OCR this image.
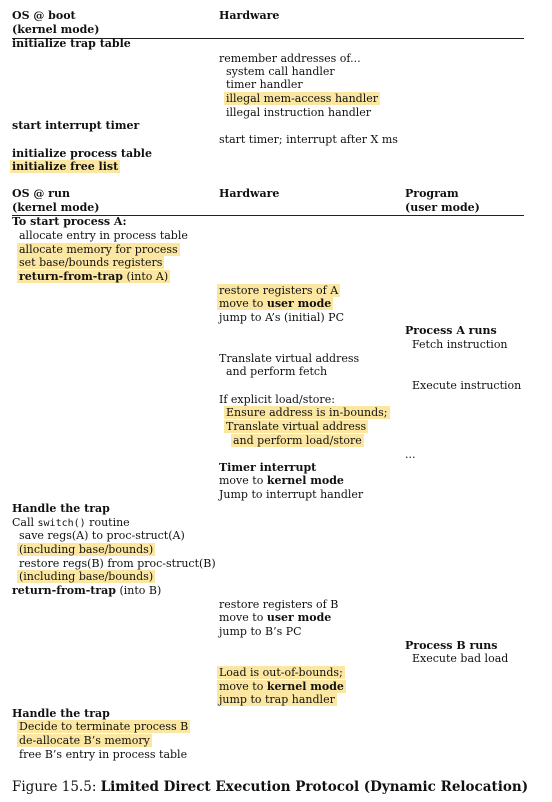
OS @ boot
(kernel mode)
Hardware
initialize trap table
remember addresses of...
system call handler
timer handler
illegal mem-access handler
illegal instruction handler
start interrupt timer
start timer; interrupt after X ms
initialize process table
initialize free list
OS @ run
(kernel mode)
Hardware	Program
(user mode)
To start process A:
allocate entry in process table
allocate memory for process
set base/bounds registers
return-from-trap (into A)
restore registers of A
move to user mode
jump to A’s (initial) PC
Process A runs
Fetch instruction
Translate virtual address
and perform fetch
Execute instruction
If explicit load/store:
Ensure address is in-bounds;
Translate virtual address
and perform load/store
...
Timer interrupt
move to kernel mode
Jump to interrupt handler
Handle the trap
Call switch() routine
save regs(A) to proc-struct(A)
(including base/bounds)
restore regs(B) from proc-struct(B)
(including base/bounds)
return-from-trap (into B)
restore registers of B
move to user mode
jump to B’s PC
Process B runs
Execute bad load
Load is out-of-bounds;
move to kernel mode
jump to trap handler
Handle the trap
Decide to terminate process B
de-allocate B’s memory
free B’s entry in process table
Figure 15.5: Limited Direct Execution Protocol (Dynamic Relocation)
